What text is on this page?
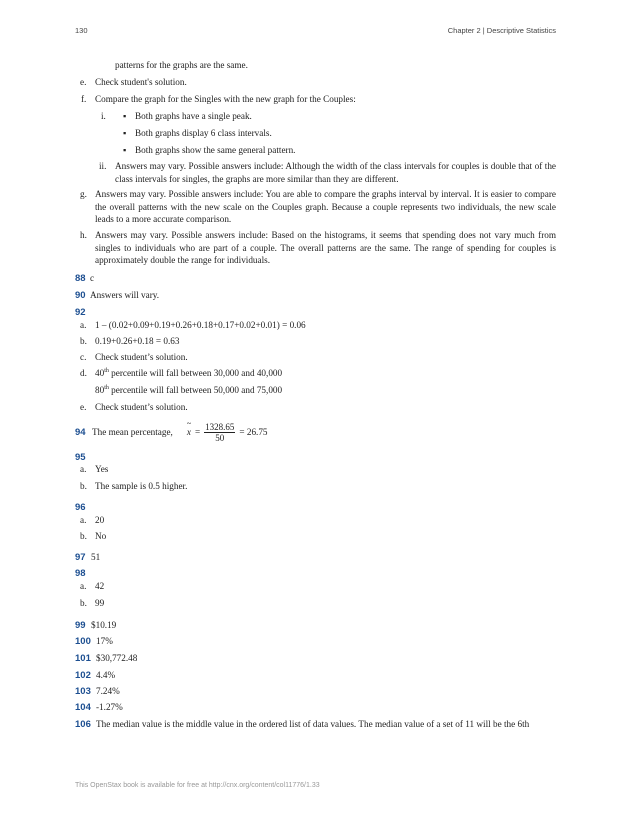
130	Chapter 2 | Descriptive Statistics
patterns for the graphs are the same.
e. Check student's solution.
f. Compare the graph for the Singles with the new graph for the Couples:
i. ▪ Both graphs have a single peak.
▪ Both graphs display 6 class intervals.
▪ Both graphs show the same general pattern.
ii. Answers may vary. Possible answers include: Although the width of the class intervals for couples is double that of the class intervals for singles, the graphs are more similar than they are different.
g. Answers may vary. Possible answers include: You are able to compare the graphs interval by interval. It is easier to compare the overall patterns with the new scale on the Couples graph. Because a couple represents two individuals, the new scale leads to a more accurate comparison.
h. Answers may vary. Possible answers include: Based on the histograms, it seems that spending does not vary much from singles to individuals who are part of a couple. The overall patterns are the same. The range of spending for couples is approximately double the range for individuals.
88 c
90 Answers will vary.
92
a. 1 – (0.02+0.09+0.19+0.26+0.18+0.17+0.02+0.01) = 0.06
b. 0.19+0.26+0.18 = 0.63
c. Check student’s solution.
d. 40th percentile will fall between 30,000 and 40,000
80th percentile will fall between 50,000 and 75,000
e. Check student’s solution.
94 The mean percentage,
~ $x = \frac{1328.65}{50} = 26.75$
95
a. Yes
b. The sample is 0.5 higher.
96
a. 20
b. No
97 51
98
a. 42
b. 99
99 $10.19
100 17%
101 $30,772.48
102 4.4%
103 7.24%
104 -1.27%
106 The median value is the middle value in the ordered list of data values. The median value of a set of 11 will be the 6th
This OpenStax book is available for free at http://cnx.org/content/col11776/1.33
